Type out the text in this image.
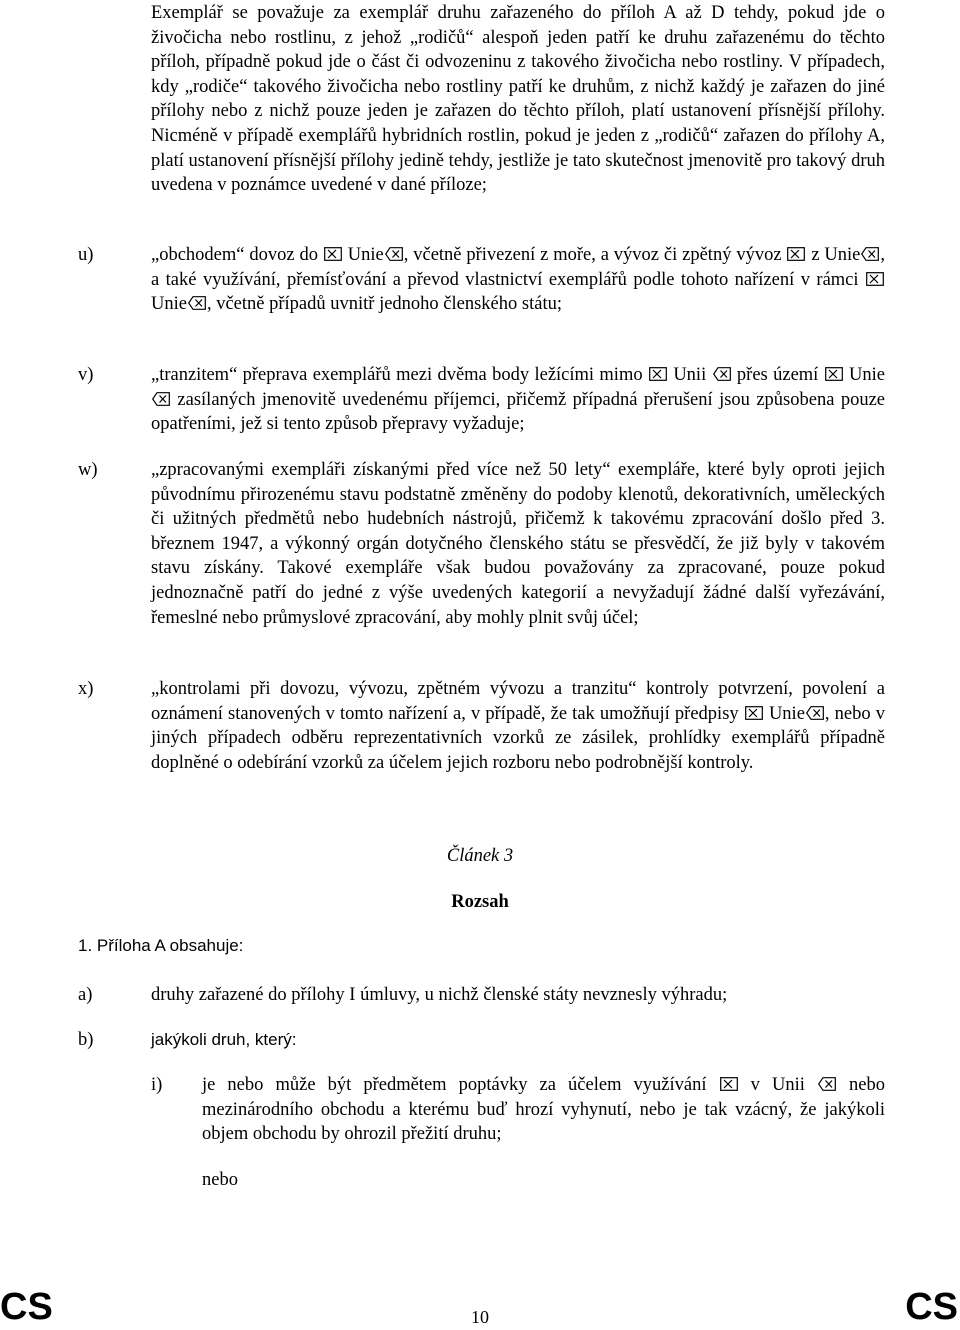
Exemplář se považuje za exemplář druhu zařazeného do příloh A až D tehdy, pokud jde o živočicha nebo rostlinu, z jehož „rodičů“ alespoň jeden patří ke druhu zařazenému do těchto příloh, případně pokud jde o část či odvozeninu z takového živočicha nebo rostliny. V případech, kdy „rodiče“ takového živočicha nebo rostliny patří ke druhům, z nichž každý je zařazen do jiné přílohy nebo z nichž pouze jeden je zařazen do těchto příloh, platí ustanovení přísnější přílohy. Nicméně v případě exemplářů hybridních rostlin, pokud je jeden z „rodičů“ zařazen do přílohy A, platí ustanovení přísnější přílohy jedině tehdy, jestliže je tato skutečnost jmenovitě pro takový druh uvedena v poznámce uvedené v dané příloze;

u)	„obchodem“ dovoz do Unie , včetně přivezení z moře, a vývoz či zpětný vývoz z Unie , a také využívání, přemísťování a převod vlastnictví exemplářů podle tohoto nařízení v rámci
Unie , včetně případů uvnitř jednoho členského státu;

v)	„tranzitem“ přeprava exemplářů mezi dvěma body ležícími mimo Unii přes území Unie
zasílaných jmenovitě uvedenému příjemci, přičemž případná přerušení jsou způsobena pouze opatřeními, jež si tento způsob přepravy vyžaduje;

w)	„zpracovanými exempláři získanými před více než 50 lety“ exempláře, které byly oproti jejich původnímu přirozenému stavu podstatně změněny do podoby klenotů, dekorativních, uměleckých či užitných předmětů nebo hudebních nástrojů, přičemž k takovému zpracování došlo před 3. březnem 1947, a výkonný orgán dotyčného členského státu se přesvědčí, že již byly v takovém stavu získány. Takové exempláře však budou považovány za zpracované, pouze pokud jednoznačně patří do jedné z výše uvedených kategorií a nevyžadují žádné další vyřezávání, řemeslné nebo průmyslové zpracování, aby mohly plnit svůj účel;

x)	„kontrolami při dovozu, vývozu, zpětném vývozu a tranzitu“ kontroly potvrzení, povolení a oznámení stanovených v tomto nařízení a, v případě, že tak umožňují předpisy Unie , nebo v jiných případech odběru reprezentativních vzorků ze zásilek, prohlídky exemplářů případně doplněné o odebírání vzorků za účelem jejich rozboru nebo podrobnější kontroly.

Článek 3

Rozsah

1. Příloha A obsahuje:

a)	druhy zařazené do přílohy I úmluvy, u nichž členské státy nevznesly výhradu;

b)	jakýkoli druh, který:

i) je nebo může být předmětem poptávky za účelem využívání v Unii nebo mezinárodního obchodu a kterému buď hrozí vyhynutí, nebo je tak vzácný, že jakýkoli objem obchodu by ohrozil přežití druhu;

nebo

CS	10	CS
